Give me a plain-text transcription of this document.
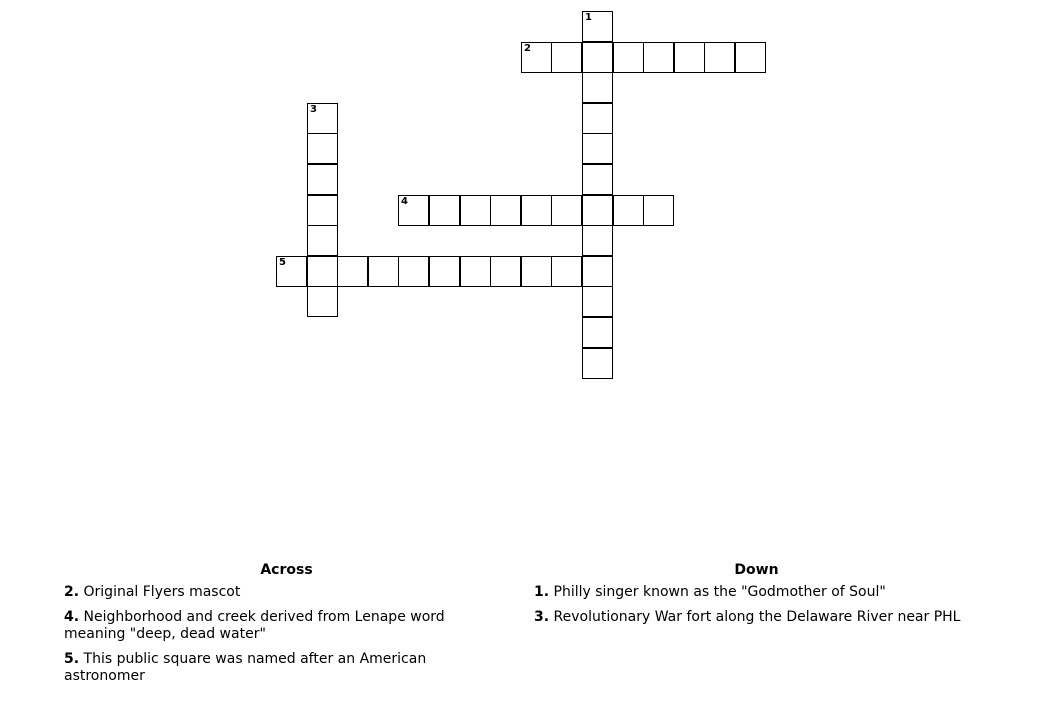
1
2
3
4
5
Across
2. Original Flyers mascot
4. Neighborhood and creek derived from Lenape word meaning "deep, dead water"
5. This public square was named after an American astronomer
Down
1. Philly singer known as the "Godmother of Soul"
3. Revolutionary War fort along the Delaware River near PHL
